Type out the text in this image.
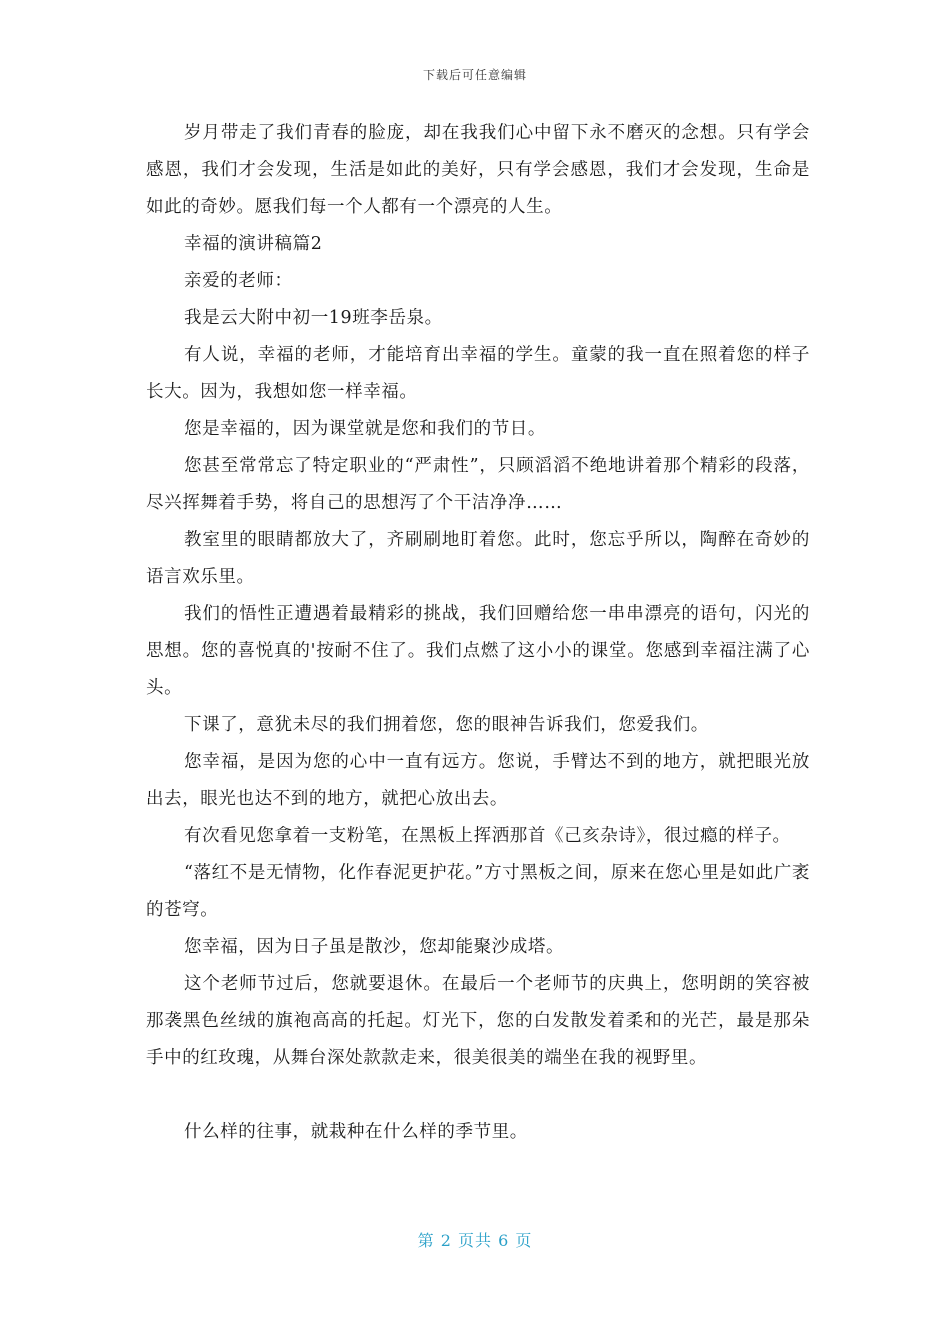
下载后可任意编辑

岁月带走了我们青春的脸庞，却在我我们心中留下永不磨灭的念想。只有学会感恩，我们才会发现，生活是如此的美好，只有学会感恩，我们才会发现，生命是如此的奇妙。愿我们每一个人都有一个漂亮的人生。

幸福的演讲稿篇2

亲爱的老师：

我是云大附中初一19班李岳泉。

有人说，幸福的老师，才能培育出幸福的学生。童蒙的我一直在照着您的样子长大。因为，我想如您一样幸福。

您是幸福的，因为课堂就是您和我们的节日。

您甚至常常忘了特定职业的“严肃性”，只顾滔滔不绝地讲着那个精彩的段落，尽兴挥舞着手势，将自己的思想泻了个干洁净净……

教室里的眼睛都放大了，齐刷刷地盯着您。此时，您忘乎所以，陶醉在奇妙的语言欢乐里。

我们的悟性正遭遇着最精彩的挑战，我们回赠给您一串串漂亮的语句，闪光的思想。您的喜悦真的'按耐不住了。我们点燃了这小小的课堂。您感到幸福注满了心头。

下课了，意犹未尽的我们拥着您，您的眼神告诉我们，您爱我们。

您幸福，是因为您的心中一直有远方。您说，手臂达不到的地方，就把眼光放出去，眼光也达不到的地方，就把心放出去。

有次看见您拿着一支粉笔，在黑板上挥洒那首《己亥杂诗》，很过瘾的样子。

“落红不是无情物，化作春泥更护花。”方寸黑板之间，原来在您心里是如此广袤的苍穹。

您幸福，因为日子虽是散沙，您却能聚沙成塔。

这个老师节过后，您就要退休。在最后一个老师节的庆典上，您明朗的笑容被那袭黑色丝绒的旗袍高高的托起。灯光下，您的白发散发着柔和的光芒，最是那朵手中的红玫瑰，从舞台深处款款走来，很美很美的端坐在我的视野里。

什么样的往事，就栽种在什么样的季节里。

第 2 页共 6 页
